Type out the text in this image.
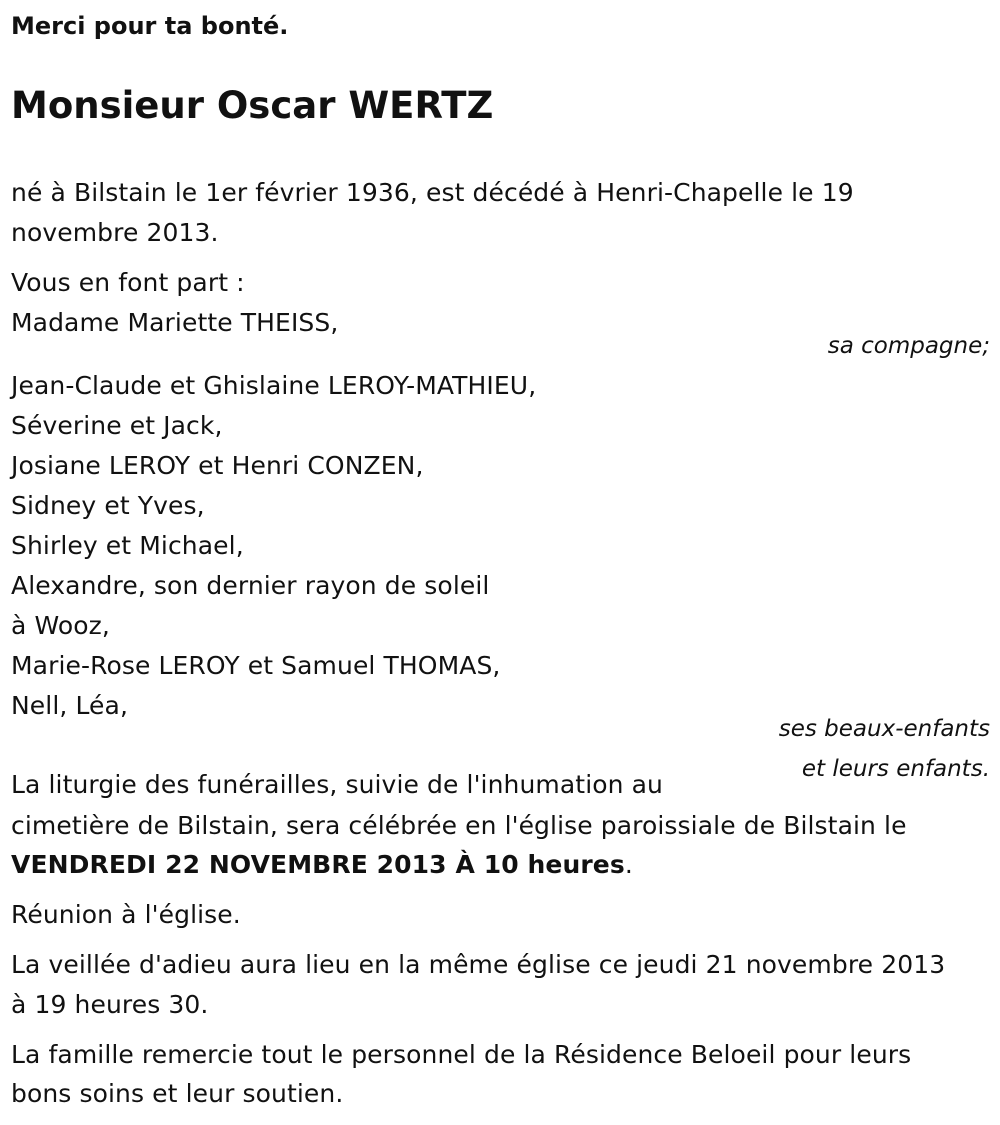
Merci pour ta bonté.
Monsieur Oscar WERTZ
né à Bilstain le 1er février 1936, est décédé à Henri-Chapelle le 19
novembre 2013.
Vous en font part :
Madame Mariette THEISS,
sa compagne;
Jean-Claude et Ghislaine LEROY-MATHIEU,
Séverine et Jack,
Josiane LEROY et Henri CONZEN,
Sidney et Yves,
Shirley et Michael,
Alexandre, son dernier rayon de soleil
à Wooz,
Marie-Rose LEROY et Samuel THOMAS,
Nell, Léa,
ses beaux-enfants
et leurs enfants.
La liturgie des funérailles, suivie de l'inhumation au
cimetière de Bilstain, sera célébrée en l'église paroissiale de Bilstain le
VENDREDI 22 NOVEMBRE 2013 À 10 heures.
Réunion à l'église.
La veillée d'adieu aura lieu en la même église ce jeudi 21 novembre 2013
à 19 heures 30.
La famille remercie tout le personnel de la Résidence Beloeil pour leurs
bons soins et leur soutien.
